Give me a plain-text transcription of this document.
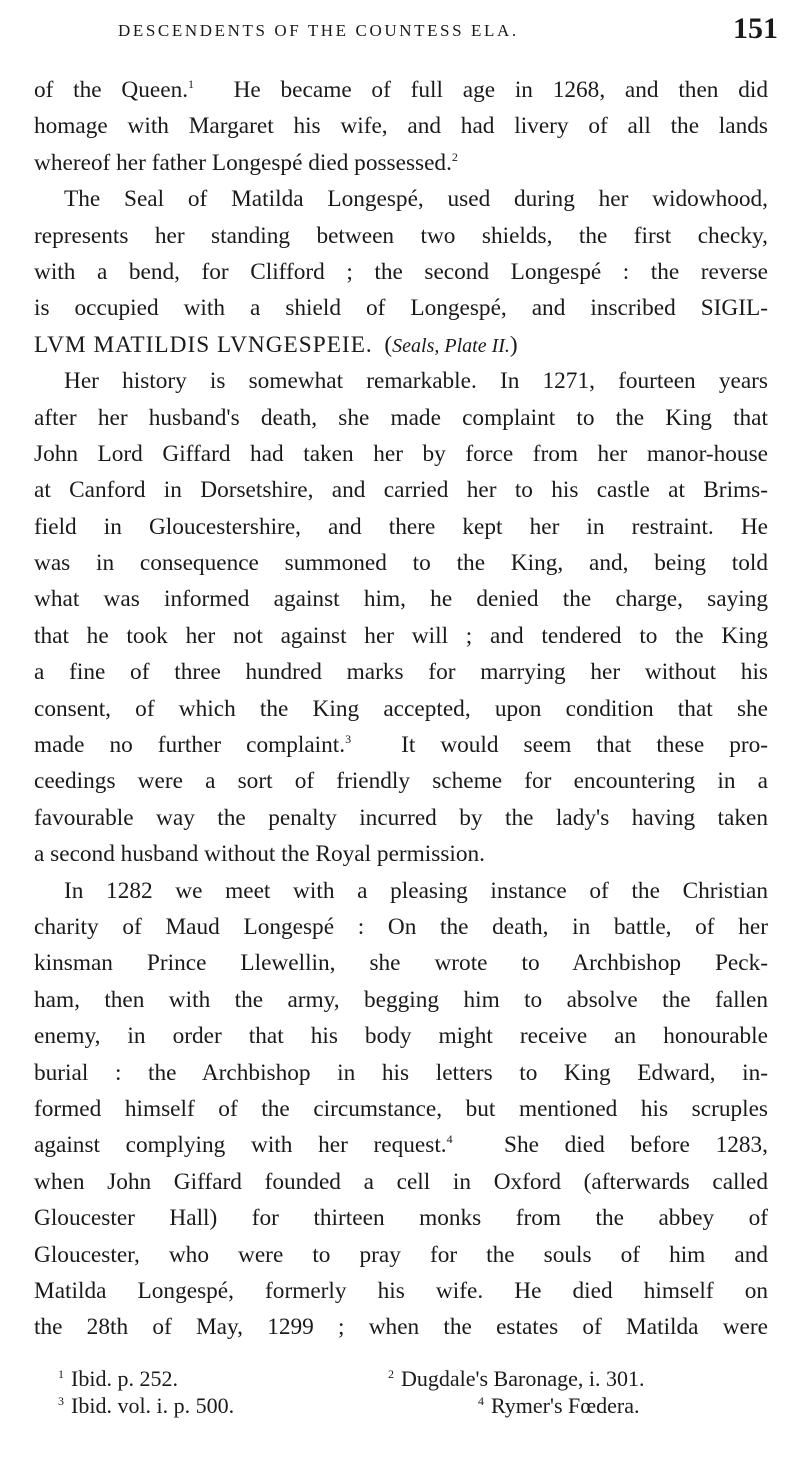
DESCENDENTS OF THE COUNTESS ELA.	151
of the Queen.$^1$ He became of full age in 1268, and then did
homage with Margaret his wife, and had livery of all the lands
whereof her father Longespé died possessed.$^2$
The Seal of Matilda Longespé, used during her widowhood,
represents her standing between two shields, the first checky,
with a bend, for Clifford ; the second Longespé : the reverse
is occupied with a shield of Longespé, and inscribed SIGIL-
LVM MATILDIS LVNGESPEIE.  (Seals, Plate II.)
Her history is somewhat remarkable. In 1271, fourteen years
after her husband's death, she made complaint to the King that
John Lord Giffard had taken her by force from her manor-house
at Canford in Dorsetshire, and carried her to his castle at Brims-
field in Gloucestershire, and there kept her in restraint. He
was in consequence summoned to the King, and, being told
what was informed against him, he denied the charge, saying
that he took her not against her will ; and tendered to the King
a fine of three hundred marks for marrying her without his
consent, of which the King accepted, upon condition that she
made no further complaint.$^3$ It would seem that these pro-
ceedings were a sort of friendly scheme for encountering in a
favourable way the penalty incurred by the lady's having taken
a second husband without the Royal permission.
In 1282 we meet with a pleasing instance of the Christian
charity of Maud Longespé : On the death, in battle, of her
kinsman Prince Llewellin, she wrote to Archbishop Peck-
ham, then with the army, begging him to absolve the fallen
enemy, in order that his body might receive an honourable
burial : the Archbishop in his letters to King Edward, in-
formed himself of the circumstance, but mentioned his scruples
against complying with her request.$^4$ She died before 1283,
when John Giffard founded a cell in Oxford (afterwards called
Gloucester Hall) for thirteen monks from the abbey of
Gloucester, who were to pray for the souls of him and
Matilda Longespé, formerly his wife. He died himself on
the 28th of May, 1299 ; when the estates of Matilda were
$^1$ Ibid. p. 252.	$^2$ Dugdale's Baronage, i. 301.
$^3$ Ibid. vol. i. p. 500.	$^4$ Rymer's Fœdera.
